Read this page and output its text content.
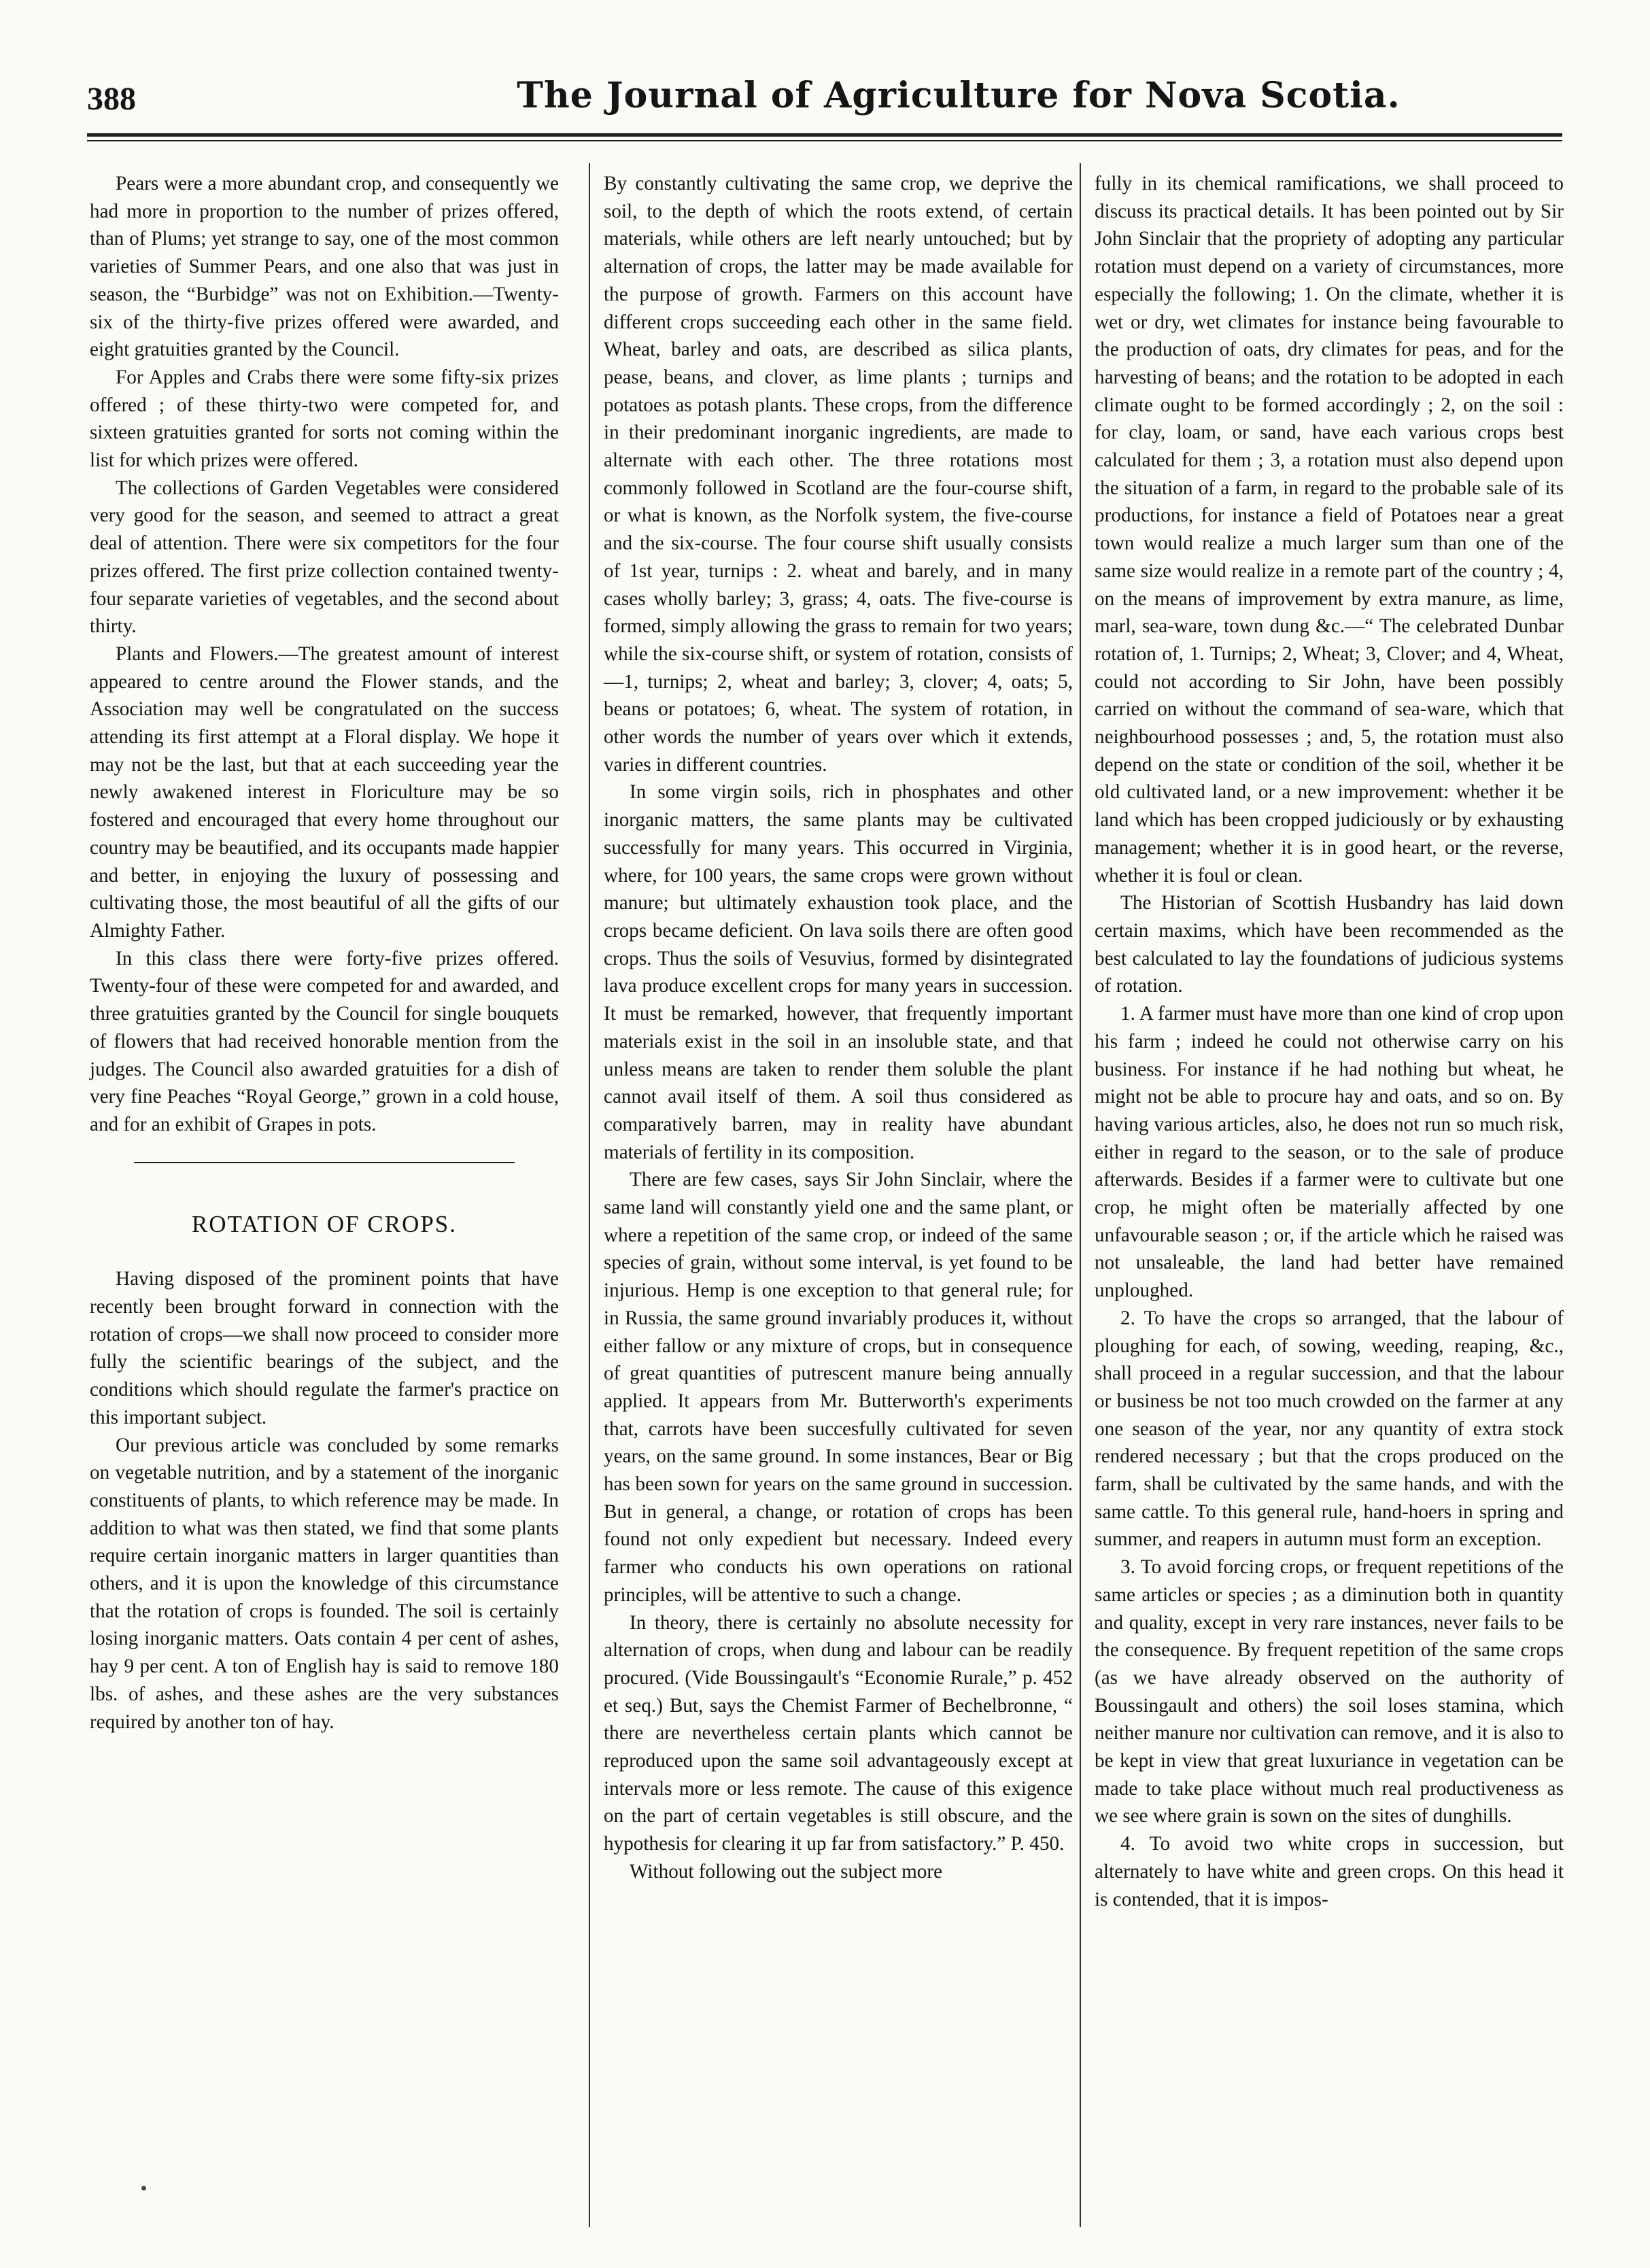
388	The Journal of Agriculture for Nova Scotia.

Pears were a more abundant crop, and consequently we had more in proportion to the number of prizes offered, than of Plums; yet strange to say, one of the most common varieties of Summer Pears, and one also that was just in season, the “Burbidge” was not on Exhibition.—Twenty-six of the thirty-five prizes offered were awarded, and eight gratuities granted by the Council.

For Apples and Crabs there were some fifty-six prizes offered ; of these thirty-two were competed for, and sixteen gratuities granted for sorts not coming within the list for which prizes were offered.

The collections of Garden Vegetables were considered very good for the season, and seemed to attract a great deal of attention. There were six competitors for the four prizes offered. The first prize collection contained twenty-four separate varieties of vegetables, and the second about thirty.

Plants and Flowers.—The greatest amount of interest appeared to centre around the Flower stands, and the Association may well be congratulated on the success attending its first attempt at a Floral display. We hope it may not be the last, but that at each succeeding year the newly awakened interest in Floriculture may be so fostered and encouraged that every home throughout our country may be beautified, and its occupants made happier and better, in enjoying the luxury of possessing and cultivating those, the most beautiful of all the gifts of our Almighty Father.

In this class there were forty-five prizes offered. Twenty-four of these were competed for and awarded, and three gratuities granted by the Council for single bouquets of flowers that had received honorable mention from the judges. The Council also awarded gratuities for a dish of very fine Peaches “Royal George,” grown in a cold house, and for an exhibit of Grapes in pots.

ROTATION OF CROPS.

Having disposed of the prominent points that have recently been brought forward in connection with the rotation of crops—we shall now proceed to consider more fully the scientific bearings of the subject, and the conditions which should regulate the farmer's practice on this important subject.

Our previous article was concluded by some remarks on vegetable nutrition, and by a statement of the inorganic constituents of plants, to which reference may be made. In addition to what was then stated, we find that some plants require certain inorganic matters in larger quantities than others, and it is upon the knowledge of this circumstance that the rotation of crops is founded. The soil is certainly losing inorganic matters. Oats contain 4 per cent of ashes, hay 9 per cent. A ton of English hay is said to remove 180 lbs. of ashes, and these ashes are the very substances required by another ton of hay.

By constantly cultivating the same crop, we deprive the soil, to the depth of which the roots extend, of certain materials, while others are left nearly untouched; but by alternation of crops, the latter may be made available for the purpose of growth. Farmers on this account have different crops succeeding each other in the same field. Wheat, barley and oats, are described as silica plants, pease, beans, and clover, as lime plants ; turnips and potatoes as potash plants. These crops, from the difference in their predominant inorganic ingredients, are made to alternate with each other. The three rotations most commonly followed in Scotland are the four-course shift, or what is known, as the Norfolk system, the five-course and the six-course. The four course shift usually consists of 1st year, turnips : 2. wheat and barely, and in many cases wholly barley; 3, grass; 4, oats. The five-course is formed, simply allowing the grass to remain for two years; while the six-course shift, or system of rotation, consists of—1, turnips; 2, wheat and barley; 3, clover; 4, oats; 5, beans or potatoes; 6, wheat. The system of rotation, in other words the number of years over which it extends, varies in different countries.

In some virgin soils, rich in phosphates and other inorganic matters, the same plants may be cultivated successfully for many years. This occurred in Virginia, where, for 100 years, the same crops were grown without manure; but ultimately exhaustion took place, and the crops became deficient. On lava soils there are often good crops. Thus the soils of Vesuvius, formed by disintegrated lava produce excellent crops for many years in succession. It must be remarked, however, that frequently important materials exist in the soil in an insoluble state, and that unless means are taken to render them soluble the plant cannot avail itself of them. A soil thus considered as comparatively barren, may in reality have abundant materials of fertility in its composition.

There are few cases, says Sir John Sinclair, where the same land will constantly yield one and the same plant, or where a repetition of the same crop, or indeed of the same species of grain, without some interval, is yet found to be injurious. Hemp is one exception to that general rule; for in Russia, the same ground invariably produces it, without either fallow or any mixture of crops, but in consequence of great quantities of putrescent manure being annually applied. It appears from Mr. Butterworth's experiments that, carrots have been succesfully cultivated for seven years, on the same ground. In some instances, Bear or Big has been sown for years on the same ground in succession. But in general, a change, or rotation of crops has been found not only expedient but necessary. Indeed every farmer who conducts his own operations on rational principles, will be attentive to such a change.

In theory, there is certainly no absolute necessity for alternation of crops, when dung and labour can be readily procured. (Vide Boussingault's “Economie Rurale,” p. 452 et seq.) But, says the Chemist Farmer of Bechelbronne, “ there are nevertheless certain plants which cannot be reproduced upon the same soil advantageously except at intervals more or less remote. The cause of this exigence on the part of certain vegetables is still obscure, and the hypothesis for clearing it up far from satisfactory.” P. 450.

Without following out the subject more

fully in its chemical ramifications, we shall proceed to discuss its practical details. It has been pointed out by Sir John Sinclair that the propriety of adopting any particular rotation must depend on a variety of circumstances, more especially the following; 1. On the climate, whether it is wet or dry, wet climates for instance being favourable to the production of oats, dry climates for peas, and for the harvesting of beans; and the rotation to be adopted in each climate ought to be formed accordingly ; 2, on the soil : for clay, loam, or sand, have each various crops best calculated for them ; 3, a rotation must also depend upon the situation of a farm, in regard to the probable sale of its productions, for instance a field of Potatoes near a great town would realize a much larger sum than one of the same size would realize in a remote part of the country ; 4, on the means of improvement by extra manure, as lime, marl, sea-ware, town dung &c.—“ The celebrated Dunbar rotation of, 1. Turnips; 2, Wheat; 3, Clover; and 4, Wheat, could not according to Sir John, have been possibly carried on without the command of sea-ware, which that neighbourhood possesses ; and, 5, the rotation must also depend on the state or condition of the soil, whether it be old cultivated land, or a new improvement: whether it be land which has been cropped judiciously or by exhausting management; whether it is in good heart, or the reverse, whether it is foul or clean.

The Historian of Scottish Husbandry has laid down certain maxims, which have been recommended as the best calculated to lay the foundations of judicious systems of rotation.

1. A farmer must have more than one kind of crop upon his farm ; indeed he could not otherwise carry on his business. For instance if he had nothing but wheat, he might not be able to procure hay and oats, and so on. By having various articles, also, he does not run so much risk, either in regard to the season, or to the sale of produce afterwards. Besides if a farmer were to cultivate but one crop, he might often be materially affected by one unfavourable season ; or, if the article which he raised was not unsaleable, the land had better have remained unploughed.

2. To have the crops so arranged, that the labour of ploughing for each, of sowing, weeding, reaping, &c., shall proceed in a regular succession, and that the labour or business be not too much crowded on the farmer at any one season of the year, nor any quantity of extra stock rendered necessary ; but that the crops produced on the farm, shall be cultivated by the same hands, and with the same cattle. To this general rule, hand-hoers in spring and summer, and reapers in autumn must form an exception.

3. To avoid forcing crops, or frequent repetitions of the same articles or species ; as a diminution both in quantity and quality, except in very rare instances, never fails to be the consequence. By frequent repetition of the same crops (as we have already observed on the authority of Boussingault and others) the soil loses stamina, which neither manure nor cultivation can remove, and it is also to be kept in view that great luxuriance in vegetation can be made to take place without much real productiveness as we see where grain is sown on the sites of dunghills.

4. To avoid two white crops in succession, but alternately to have white and green crops. On this head it is contended, that it is impos-
